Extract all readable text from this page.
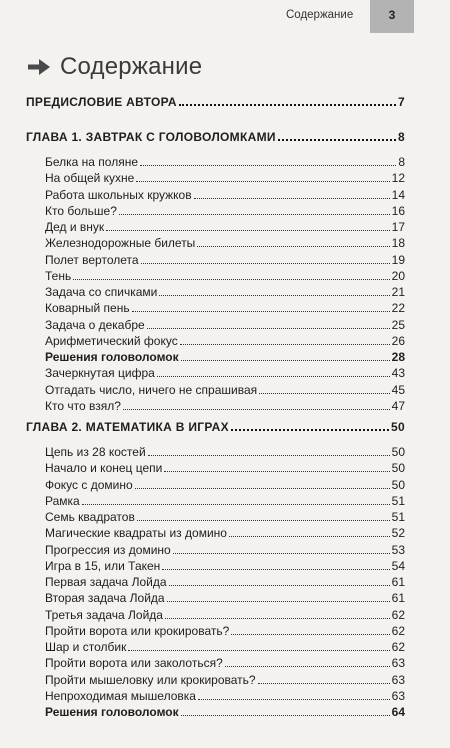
Содержание	3
Содержание
ПРЕДИСЛОВИЕ АВТОРА	7
ГЛАВА 1. ЗАВТРАК С ГОЛОВОЛОМКАМИ	8
Белка на поляне	8
На общей кухне	12
Работа школьных кружков	14
Кто больше?	16
Дед и внук	17
Железнодорожные билеты	18
Полет вертолета	19
Тень	20
Задача со спичками	21
Коварный пень	22
Задача о декабре	25
Арифметический фокус	26
Решения головоломок	28
Зачеркнутая цифра	43
Отгадать число, ничего не спрашивая	45
Кто что взял?	47
ГЛАВА 2. МАТЕМАТИКА В ИГРАХ	50
Цепь из 28 костей	50
Начало и конец цепи	50
Фокус с домино	50
Рамка	51
Семь квадратов	51
Магические квадраты из домино	52
Прогрессия из домино	53
Игра в 15, или Такен	54
Первая задача Лойда	61
Вторая задача Лойда	61
Третья задача Лойда	62
Пройти ворота или крокировать?	62
Шар и столбик	62
Пройти ворота или заколоться?	63
Пройти мышеловку или крокировать?	63
Непроходимая мышеловка	63
Решения головоломок	64
